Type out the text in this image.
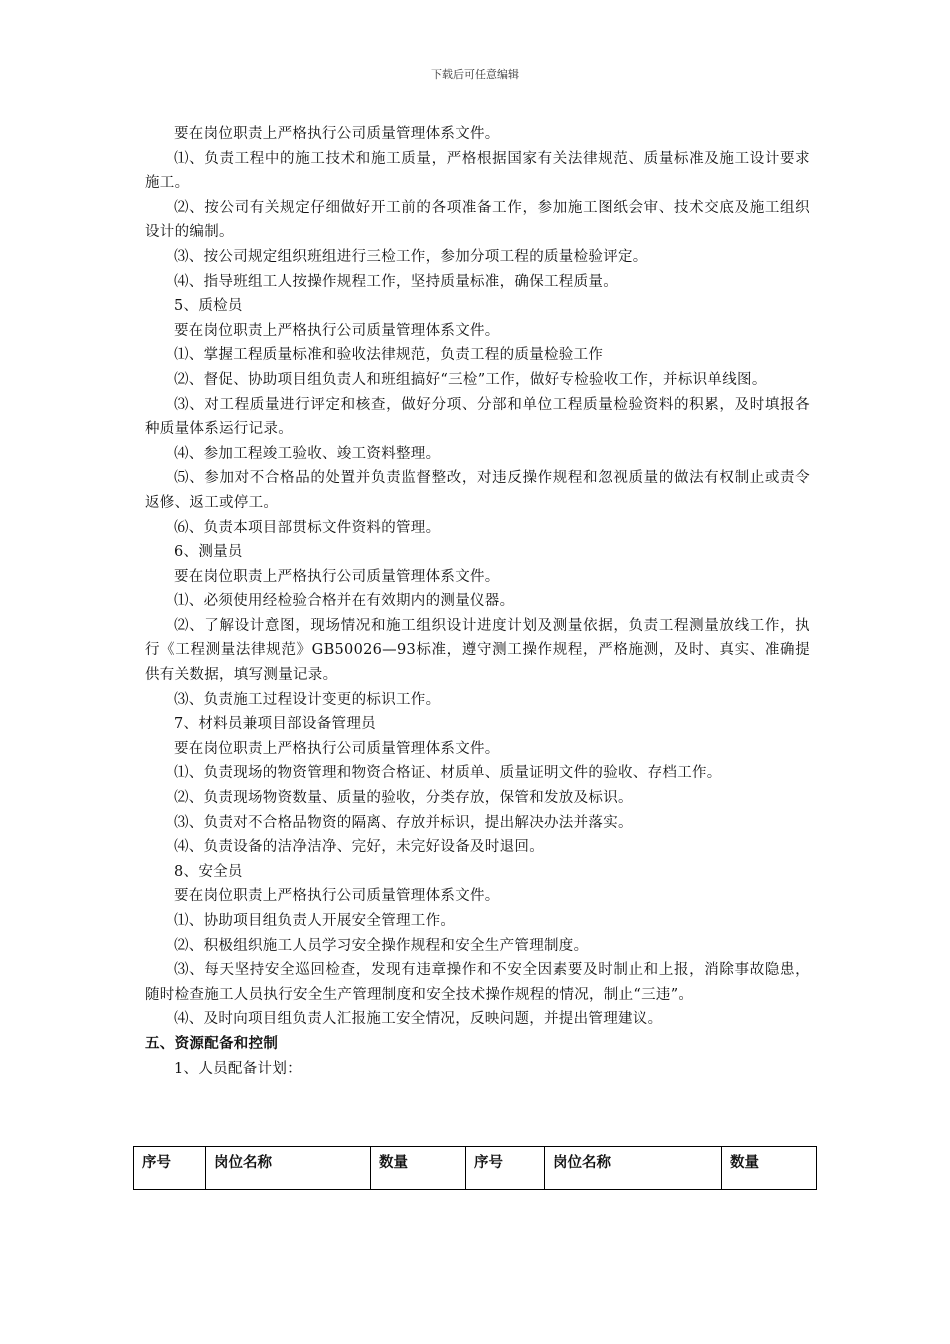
下载后可任意编辑

要在岗位职责上严格执行公司质量管理体系文件。

⑴、负责工程中的施工技术和施工质量，严格根据国家有关法律规范、质量标准及施工设计要求施工。

⑵、按公司有关规定仔细做好开工前的各项准备工作，参加施工图纸会审、技术交底及施工组织设计的编制。

⑶、按公司规定组织班组进行三检工作，参加分项工程的质量检验评定。

⑷、指导班组工人按操作规程工作，坚持质量标准，确保工程质量。

5、质检员

要在岗位职责上严格执行公司质量管理体系文件。

⑴、掌握工程质量标准和验收法律规范，负责工程的质量检验工作

⑵、督促、协助项目组负责人和班组搞好“三检”工作，做好专检验收工作，并标识单线图。

⑶、对工程质量进行评定和核查，做好分项、分部和单位工程质量检验资料的积累，及时填报各种质量体系运行记录。

⑷、参加工程竣工验收、竣工资料整理。

⑸、参加对不合格品的处置并负责监督整改，对违反操作规程和忽视质量的做法有权制止或责令返修、返工或停工。

⑹、负责本项目部贯标文件资料的管理。

6、测量员

要在岗位职责上严格执行公司质量管理体系文件。

⑴、必须使用经检验合格并在有效期内的测量仪器。

⑵、了解设计意图，现场情况和施工组织设计进度计划及测量依据，负责工程测量放线工作，执行《工程测量法律规范》GB50026—93标准，遵守测工操作规程，严格施测，及时、真实、准确提供有关数据，填写测量记录。

⑶、负责施工过程设计变更的标识工作。

7、材料员兼项目部设备管理员

要在岗位职责上严格执行公司质量管理体系文件。

⑴、负责现场的物资管理和物资合格证、材质单、质量证明文件的验收、存档工作。

⑵、负责现场物资数量、质量的验收，分类存放，保管和发放及标识。

⑶、负责对不合格品物资的隔离、存放并标识，提出解决办法并落实。

⑷、负责设备的洁净洁净、完好，未完好设备及时退回。

8、安全员

要在岗位职责上严格执行公司质量管理体系文件。

⑴、协助项目组负责人开展安全管理工作。

⑵、积极组织施工人员学习安全操作规程和安全生产管理制度。

⑶、每天坚持安全巡回检查，发现有违章操作和不安全因素要及时制止和上报，消除事故隐患，随时检查施工人员执行安全生产管理制度和安全技术操作规程的情况，制止“三违”。

⑷、及时向项目组负责人汇报施工安全情况，反映问题，并提出管理建议。

五、资源配备和控制

1、人员配备计划：

序号	岗位名称	数量	序号	岗位名称	数量
